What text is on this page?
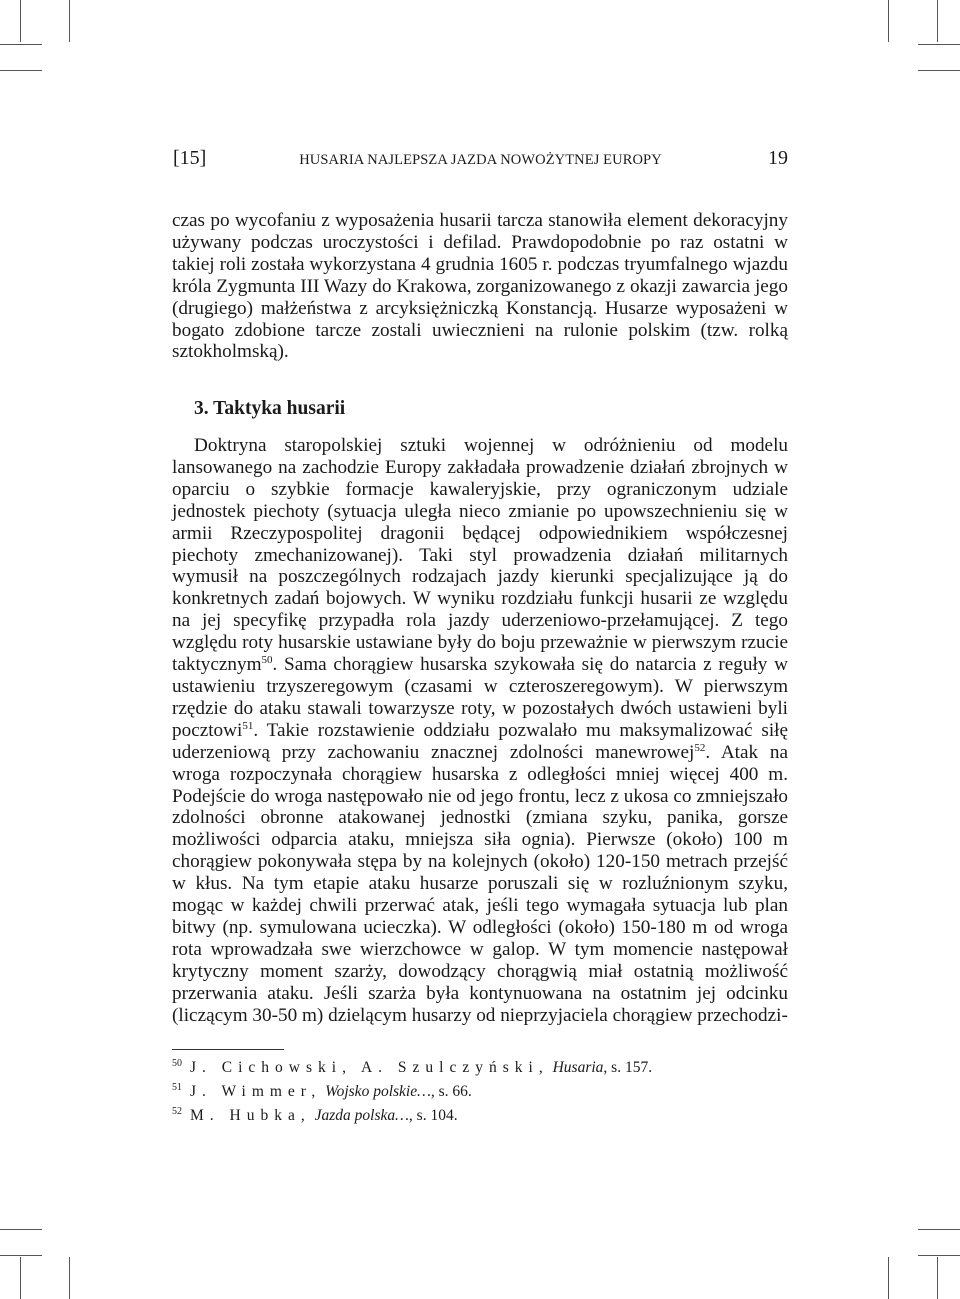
[15]	HUSARIA NAJLEPSZA JAZDA NOWOŻYTNEJ EUROPY	19
czas po wycofaniu z wyposażenia husarii tarcza stanowiła element dekoracyjny używany podczas uroczystości i defilad. Prawdopodobnie po raz ostatni w takiej roli została wykorzystana 4 grudnia 1605 r. podczas tryumfalnego wjazdu króla Zygmunta III Wazy do Krakowa, zorganizowanego z okazji zawarcia jego (drugiego) małżeństwa z arcyksiężniczką Konstancją. Husarze wyposażeni w bogato zdobione tarcze zostali uwiecznieni na rulonie polskim (tzw. rolką sztokholmską).
3. Taktyka husarii
Doktryna staropolskiej sztuki wojennej w odróżnieniu od modelu lansowanego na zachodzie Europy zakładała prowadzenie działań zbrojnych w oparciu o szybkie formacje kawaleryjskie, przy ograniczonym udziale jednostek piechoty (sytuacja uległa nieco zmianie po upowszechnieniu się w armii Rzeczypospolitej dragonii będącej odpowiednikiem współczesnej piechoty zmechanizowanej). Taki styl prowadzenia działań militarnych wymusił na poszczególnych rodzajach jazdy kierunki specjalizujące ją do konkretnych zadań bojowych. W wyniku rozdziału funkcji husarii ze względu na jej specyfikę przypadła rola jazdy uderzeniowo-przełamującej. Z tego względu roty husarskie ustawiane były do boju przeważnie w pierwszym rzucie taktycznym$^{50}$. Sama chorągiew husarska szykowała się do natarcia z reguły w ustawieniu trzyszeregowym (czasami w czteroszeregowym). W pierwszym rzędzie do ataku stawali towarzysze roty, w pozostałych dwóch ustawieni byli pocztowi$^{51}$. Takie rozstawienie oddziału pozwalało mu maksymalizować siłę uderzeniową przy zachowaniu znacznej zdolności manewrowej$^{52}$. Atak na wroga rozpoczynała chorągiew husarska z odległości mniej więcej 400 m. Podejście do wroga następowało nie od jego frontu, lecz z ukosa co zmniejszało zdolności obronne atakowanej jednostki (zmiana szyku, panika, gorsze możliwości odparcia ataku, mniejsza siła ognia). Pierwsze (około) 100 m chorągiew pokonywała stępa by na kolejnych (około) 120-150 metrach przejść w kłus. Na tym etapie ataku husarze poruszali się w rozluźnionym szyku, mogąc w każdej chwili przerwać atak, jeśli tego wymagała sytuacja lub plan bitwy (np. symulowana ucieczka). W odległości (około) 150-180 m od wroga rota wprowadzała swe wierzchowce w galop. W tym momencie następował krytyczny moment szarży, dowodzący chorągwią miał ostatnią możliwość przerwania ataku. Jeśli szarża była kontynuowana na ostatnim jej odcinku (liczącym 30-50 m) dzielącym husarzy od nieprzyjaciela chorągiew przechodzi-
$^{50}$ J. Cichowski, A. Szulczyński, Husaria, s. 157.
$^{51}$ J. Wimmer, Wojsko polskie…, s. 66.
$^{52}$ M. Hubka, Jazda polska…, s. 104.
